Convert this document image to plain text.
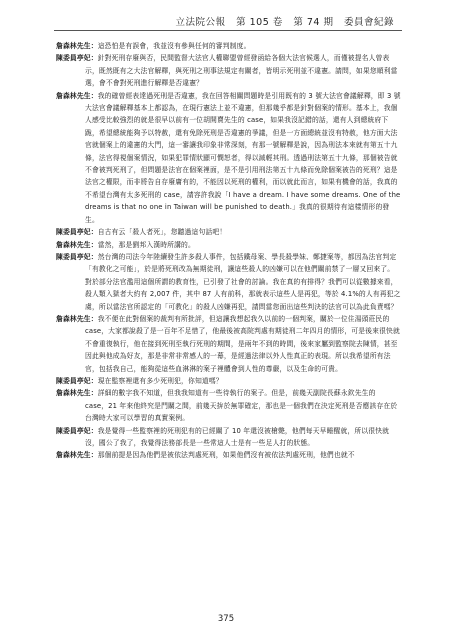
立法院公報 第 105 卷 第 74 期 委員會紀錄

詹森林先生：這恐怕是有誤會，我並沒有參與任何的審判制度。

陳委員亭妃：針對死刑存廢與否，民間監督大法官人權聯盟曾經發函給各個大法官候選人，而僅被提名人曾表示，既然既有之大法官解釋，與死刑之刑事法規定有關者，皆明示死刑並不違憲。請問，如果您順利當選，會不會對死刑進行解釋是否違憲？

詹森林先生：我的確曾經表達過死刑是否違憲，我在回答相關問題時是引用既有的 3 號大法官會議解釋，即 3 號大法官會議解釋基本上都認為，在現行憲法上並不違憲，但那幾乎都是針對個案的情形。基本上，我個人感受比較強烈的就是很早以前有一位胡開賣先生的 case，如果我沒記錯的話，還有人到總統府下跪，希望總統能夠予以特赦，還有免除死刑是否違憲的爭議，但是一方面總統並沒有特赦，他方面大法官就個案上的違憲的大門，這一審讓我印象非常深刻，有那一號解釋是說，因為刑法本來就有第五十九條，法官得視個案情況，如果犯罪情狀顯可憫恕者，得以減輕其刑。透過刑法第五十九條，那個被告就不會被判死刑了，但問題是法官在個案裡面，是不是引用刑法第五十九條而免除個案被告的死刑？這是法官之權限，而非將告自存廢庸有的，不能因以死刑的權利，而以就此而言，如果有機會的話，我真的不希望台灣有太多死刑的 case，請容許我說「I have a dream. I have some dreams. One of the dreams is that no one in Taiwan will be punished to death.」我真的很期待有這樣情形的發生。

陳委員亭妃：自古有云「殺人者死」，您聽過這句話吧！

詹森林先生：當然，那是劉邦入漢時所講的。

陳委員亭妃：然台灣的司法今年陸續發生許多殺人事件，包括鐵母案、學長殺學妹、鄭捷案等，都因為法官判定「有教化之可能」，於是將死刑改為無期徒刑，讓這些殺人的凶嫌可以在他們關前禁了一層又回來了。對於部分法官濫用這個所謂的教育性，已引發了社會的討論。我在真的有排得？我們可以從數據來看，殺人類入獄者大約有 2,007 件，其中 87 人有前科，那就表示這些人是再犯，等於 4.1%的人有再犯之虞，所以當法官所認定的「可教化」的殺人凶嫌再犯，請問當您面出這些判決的法官可以為此負責嗎？

詹森林先生：我不便在此對個案的裁判有所批評，但這讓我想起我久以前的一個判案，關於一位住湯頭莊民的 case，大家都說殺了是一百年不足惜了，他最後被高院判處有期徒刑二年四月的情形，可是後來很快就不會重復執行，他在接到死刑至執行死刑的期間，是兩年不到的時間，後來家屬到監察院去陳情，甚至因此與他成為好友，那是非常非常感人的一幕，是經過法律以外人性真正的表現。所以我希望所有法官，包括我自己，能夠從這些血淋淋的案子裡體會到人性的尊嚴，以及生命的可貴。

陳委員亭妃：現在監察裡還有多少死刑犯，你知道嗎？

詹森林先生：詳細的數字我不知道，但我我知道有一些待執行的案子。但是，前幾天副院長蘇永欽先生的 case，21 年來他終究是門關之間，前幾天拚於無罪確定，那也是一個我們在決定死刑是否應該存在於台灣時大家可以學習的真實案例。

陳委員亭妃：我是覺得一些監察裡的死刑犯有的已經關了 10 年還沒被槍斃，他們每天早睡醒就，所以很快就沒，國公了我了，我覺得法務部長是一些常這人士是有一些足人打的狀態。

詹森林先生：那個前提是因為他們是被依法判處死刑，如果他們沒有被依法判處死刑，他們也就不

375
